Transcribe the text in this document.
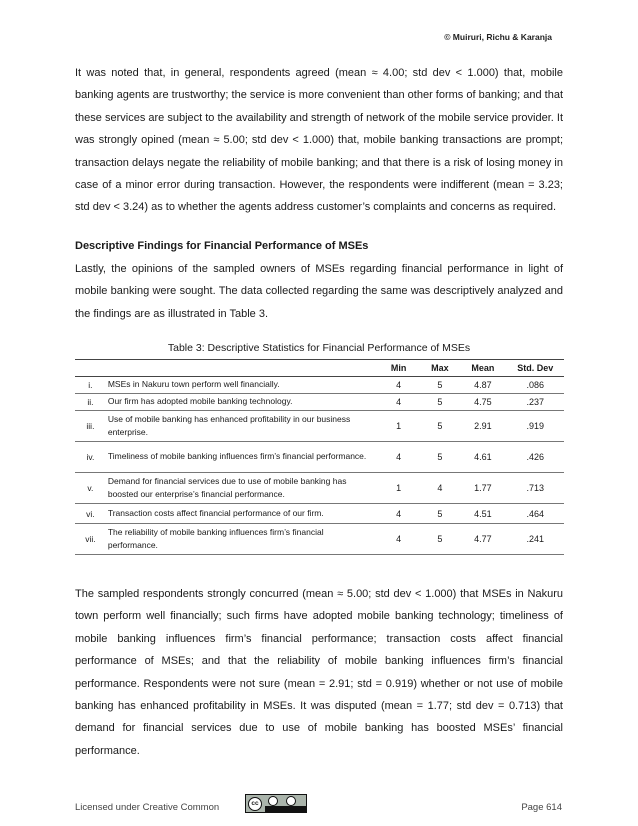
© Muiruri, Richu & Karanja

It was noted that, in general, respondents agreed (mean ≈ 4.00; std dev < 1.000) that, mobile banking agents are trustworthy; the service is more convenient than other forms of banking; and that these services are subject to the availability and strength of network of the mobile service provider. It was strongly opined (mean ≈ 5.00; std dev < 1.000) that, mobile banking transactions are prompt; transaction delays negate the reliability of mobile banking; and that there is a risk of losing money in case of a minor error during transaction. However, the respondents were indifferent (mean = 3.23; std dev < 3.24) as to whether the agents address customer’s complaints and concerns as required.

Descriptive Findings for Financial Performance of MSEs

Lastly, the opinions of the sampled owners of MSEs regarding financial performance in light of mobile banking were sought. The data collected regarding the same was descriptively analyzed and the findings are as illustrated in Table 3.

Table 3: Descriptive Statistics for Financial Performance of MSEs

		Min	Max	Mean	Std. Dev
i.	MSEs in Nakuru town perform well financially.	4	5	4.87	.086
ii.	Our firm has adopted mobile banking technology.	4	5	4.75	.237
iii.	Use of mobile banking has enhanced profitability in our business enterprise.	1	5	2.91	.919
iv.	Timeliness of mobile banking influences firm’s financial performance.	4	5	4.61	.426
v.	Demand for financial services due to use of mobile banking has boosted our enterprise’s financial performance.	1	4	1.77	.713
vi.	Transaction costs affect financial performance of our firm.	4	5	4.51	.464
vii.	The reliability of mobile banking influences firm’s financial performance.	4	5	4.77	.241

The sampled respondents strongly concurred (mean ≈ 5.00; std dev < 1.000) that MSEs in Nakuru town perform well financially; such firms have adopted mobile banking technology; timeliness of mobile banking influences firm’s financial performance; transaction costs affect financial performance of MSEs; and that the reliability of mobile banking influences firm’s financial performance. Respondents were not sure (mean = 2.91; std = 0.919) whether or not use of mobile banking has enhanced profitability in MSEs. It was disputed (mean = 1.77; std dev = 0.713) that demand for financial services due to use of mobile banking has boosted MSEs’ financial performance.

Licensed under Creative Common	cc	Page 614
